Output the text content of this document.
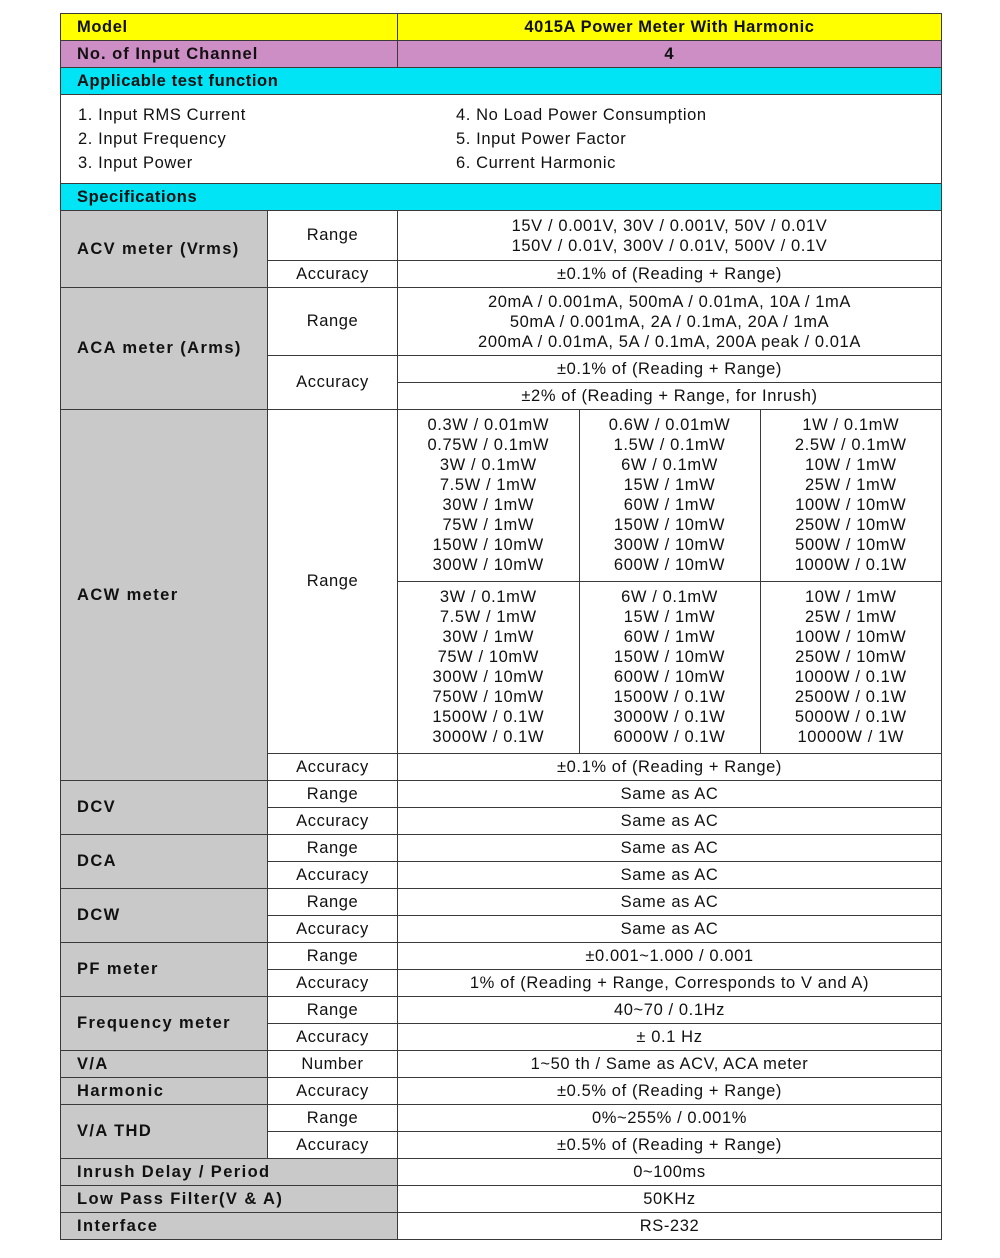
Model	4015A Power Meter With Harmonic
No. of Input Channel	4
Applicable test function

1. Input RMS Current
2. Input Frequency
3. Input Power
4. No Load Power Consumption
5. Input Power Factor
6. Current Harmonic

Specifications
ACV meter (Vrms)	Range	
15V / 0.001V, 30V / 0.001V, 50V / 0.01V
150V / 0.01V, 300V / 0.01V, 500V / 0.1V

Accuracy	±0.1% of (Reading + Range)
ACA meter (Arms)	Range	
20mA / 0.001mA, 500mA / 0.01mA, 10A / 1mA
50mA / 0.001mA, 2A / 0.1mA, 20A / 1mA
200mA / 0.01mA, 5A / 0.1mA, 200A peak / 0.01A

Accuracy	±0.1% of (Reading + Range)
±2% of (Reading + Range, for Inrush)
ACW meter	Range	
0.3W / 0.01mW
0.75W / 0.1mW
3W / 0.1mW
7.5W / 1mW
30W / 1mW
75W / 1mW
150W / 10mW
300W / 10mW

0.6W / 0.01mW
1.5W / 0.1mW
6W / 0.1mW
15W / 1mW
60W / 1mW
150W / 10mW
300W / 10mW
600W / 10mW

1W / 0.1mW
2.5W / 0.1mW
10W / 1mW
25W / 1mW
100W / 10mW
250W / 10mW
500W / 10mW
1000W / 0.1W

3W / 0.1mW
7.5W / 1mW
30W / 1mW
75W / 10mW
300W / 10mW
750W / 10mW
1500W / 0.1W
3000W / 0.1W

6W / 0.1mW
15W / 1mW
60W / 1mW
150W / 10mW
600W / 10mW
1500W / 0.1W
3000W / 0.1W
6000W / 0.1W

10W / 1mW
25W / 1mW
100W / 10mW
250W / 10mW
1000W / 0.1W
2500W / 0.1W
5000W / 0.1W
10000W / 1W

Accuracy	±0.1% of (Reading + Range)
DCV	Range	Same as AC
Accuracy	Same as AC
DCA	Range	Same as AC
Accuracy	Same as AC
DCW	Range	Same as AC
Accuracy	Same as AC
PF meter	Range	±0.001~1.000 / 0.001
Accuracy	1% of (Reading + Range, Corresponds to V and A)
Frequency meter	Range	40~70 / 0.1Hz
Accuracy	± 0.1 Hz
V/A	Number	1~50 th / Same as ACV, ACA meter
Harmonic	Accuracy	±0.5% of (Reading + Range)
V/A THD	Range	0%~255% / 0.001%
Accuracy	±0.5% of (Reading + Range)
Inrush Delay / Period	0~100ms
Low Pass Filter(V & A)	50KHz
Interface	RS-232
